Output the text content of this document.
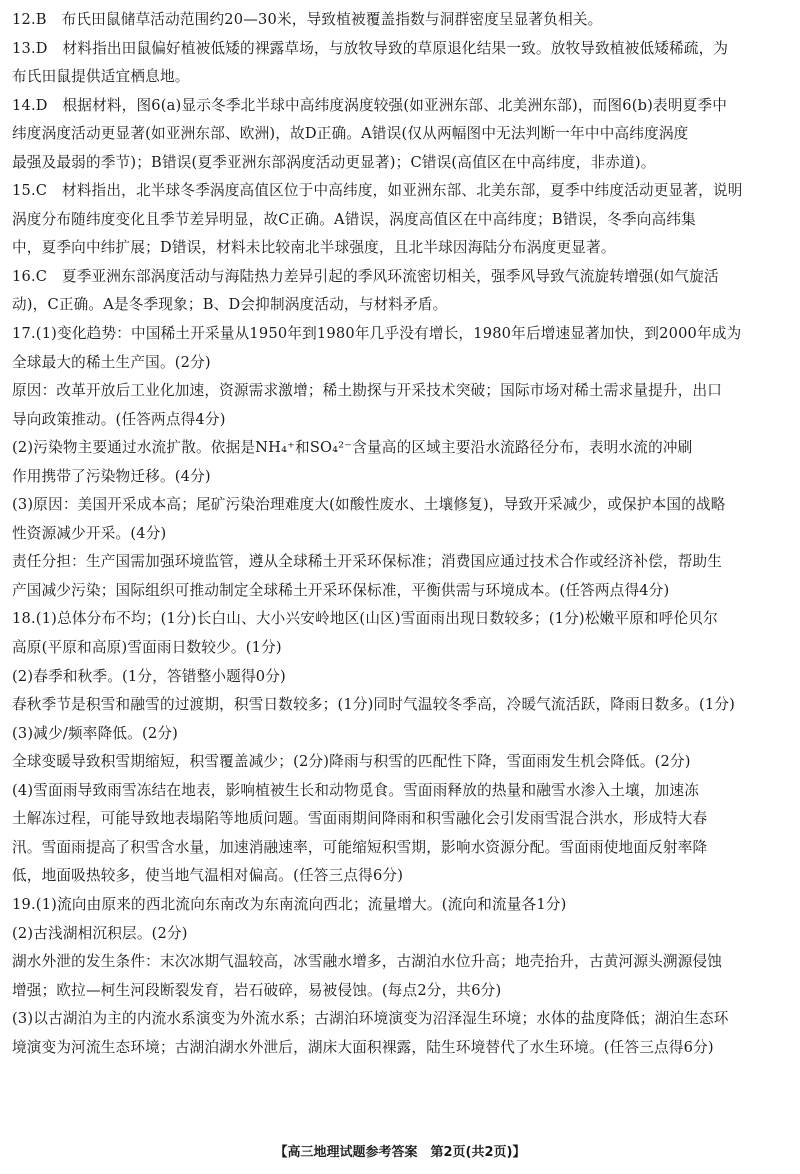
12.B　布氏田鼠储草活动范围约20—30米，导致植被覆盖指数与洞群密度呈显著负相关。
13.D　材料指出田鼠偏好植被低矮的裸露草场，与放牧导致的草原退化结果一致。放牧导致植被低矮稀疏，为
布氏田鼠提供适宜栖息地。
14.D　根据材料，图6(a)显示冬季北半球中高纬度涡度较强(如亚洲东部、北美洲东部)，而图6(b)表明夏季中
纬度涡度活动更显著(如亚洲东部、欧洲)，故D正确。A错误(仅从两幅图中无法判断一年中中高纬度涡度
最强及最弱的季节)；B错误(夏季亚洲东部涡度活动更显著)；C错误(高值区在中高纬度，非赤道)。
15.C　材料指出，北半球冬季涡度高值区位于中高纬度，如亚洲东部、北美东部，夏季中纬度活动更显著，说明
涡度分布随纬度变化且季节差异明显，故C正确。A错误，涡度高值区在中高纬度；B错误，冬季向高纬集
中，夏季向中纬扩展；D错误，材料未比较南北半球强度，且北半球因海陆分布涡度更显著。
16.C　夏季亚洲东部涡度活动与海陆热力差异引起的季风环流密切相关，强季风导致气流旋转增强(如气旋活
动)，C正确。A是冬季现象；B、D会抑制涡度活动，与材料矛盾。
17.(1)变化趋势：中国稀土开采量从1950年到1980年几乎没有增长，1980年后增速显著加快，到2000年成为
全球最大的稀土生产国。(2分)
原因：改革开放后工业化加速，资源需求激增；稀土勘探与开采技术突破；国际市场对稀土需求量提升，出口
导向政策推动。(任答两点得4分)
(2)污染物主要通过水流扩散。依据是NH₄⁺和SO₄²⁻含量高的区域主要沿水流路径分布，表明水流的冲刷
作用携带了污染物迁移。(4分)
(3)原因：美国开采成本高；尾矿污染治理难度大(如酸性废水、土壤修复)，导致开采减少，或保护本国的战略
性资源减少开采。(4分)
责任分担：生产国需加强环境监管，遵从全球稀土开采环保标准；消费国应通过技术合作或经济补偿，帮助生
产国减少污染；国际组织可推动制定全球稀土开采环保标准，平衡供需与环境成本。(任答两点得4分)
18.(1)总体分布不均；(1分)长白山、大小兴安岭地区(山区)雪面雨出现日数较多；(1分)松嫩平原和呼伦贝尔
高原(平原和高原)雪面雨日数较少。(1分)
(2)春季和秋季。(1分，答错整小题得0分)
春秋季节是积雪和融雪的过渡期，积雪日数较多；(1分)同时气温较冬季高，冷暖气流活跃，降雨日数多。(1分)
(3)减少/频率降低。(2分)
全球变暖导致积雪期缩短，积雪覆盖减少；(2分)降雨与积雪的匹配性下降，雪面雨发生机会降低。(2分)
(4)雪面雨导致雨雪冻结在地表，影响植被生长和动物觅食。雪面雨释放的热量和融雪水渗入土壤，加速冻
土解冻过程，可能导致地表塌陷等地质问题。雪面雨期间降雨和积雪融化会引发雨雪混合洪水，形成特大春
汛。雪面雨提高了积雪含水量，加速消融速率，可能缩短积雪期，影响水资源分配。雪面雨使地面反射率降
低，地面吸热较多，使当地气温相对偏高。(任答三点得6分)
19.(1)流向由原来的西北流向东南改为东南流向西北；流量增大。(流向和流量各1分)
(2)古浅湖相沉积层。(2分)
湖水外泄的发生条件：末次冰期气温较高，冰雪融水增多，古湖泊水位升高；地壳抬升，古黄河源头溯源侵蚀
增强；欧拉—柯生河段断裂发育，岩石破碎，易被侵蚀。(每点2分，共6分)
(3)以古湖泊为主的内流水系演变为外流水系；古湖泊环境演变为沼泽湿生环境；水体的盐度降低；湖泊生态环
境演变为河流生态环境；古湖泊湖水外泄后，湖床大面积裸露，陆生环境替代了水生环境。(任答三点得6分)
【高三地理试题参考答案　第2页(共2页)】
